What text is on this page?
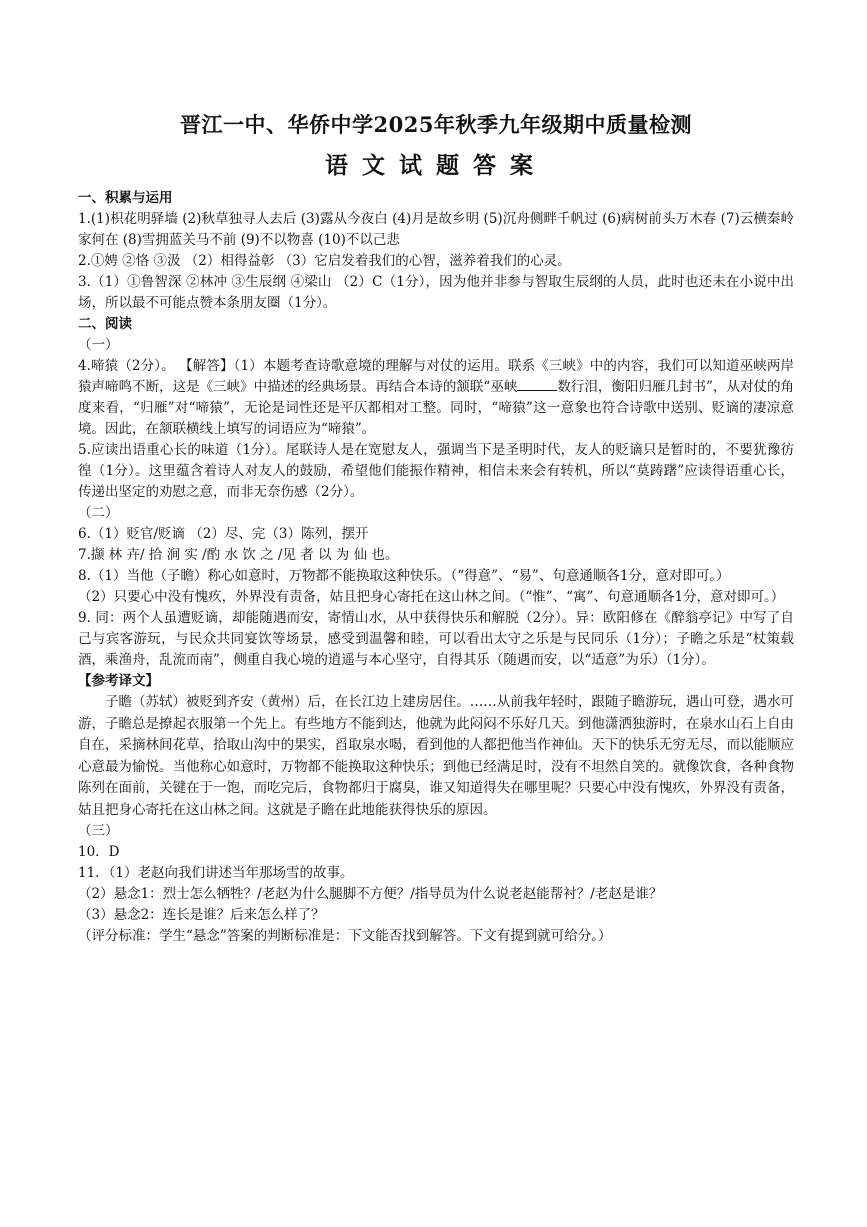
晋江一中、华侨中学2025年秋季九年级期中质量检测
语文试题答案

一、积累与运用

1.(1)枳花明驿墙 (2)秋草独寻人去后 (3)露从今夜白 (4)月是故乡明 (5)沉舟侧畔千帆过 (6)病树前头万木春 (7)云横秦岭家何在 (8)雪拥蓝关马不前 (9)不以物喜 (10)不以己悲

2.①娉 ②恪 ③汲 （2）相得益彰 （3）它启发着我们的心智，滋养着我们的心灵。

3.（1）①鲁智深 ②林冲 ③生辰纲 ④梁山 （2）C（1分），因为他并非参与智取生辰纲的人员，此时也还未在小说中出场，所以最不可能点赞本条朋友圈（1分）。

二、阅读

（一）

4.啼猿（2分）。 【解答】（1）本题考查诗歌意境的理解与对仗的运用。联系《三峡》中的内容，我们可以知道巫峡两岸猿声啼鸣不断，这是《三峡》中描述的经典场景。再结合本诗的颔联“巫峡	数行泪，衡阳归雁几封书”，从对仗的角度来看，“归雁”对“啼猿”，无论是词性还是平仄都相对工整。同时，“啼猿”这一意象也符合诗歌中送别、贬谪的凄凉意境。因此，在颔联横线上填写的词语应为“啼猿”。

5.应读出语重心长的味道（1分）。尾联诗人是在宽慰友人，强调当下是圣明时代，友人的贬谪只是暂时的，不要犹豫彷徨（1分）。这里蕴含着诗人对友人的鼓励，希望他们能振作精神，相信未来会有转机，所以“莫踌躇”应读得语重心长，传递出坚定的劝慰之意，而非无奈伤感（2分）。

（二）

6.（1）贬官/贬谪 （2）尽、完（3）陈列，摆开

7.撷 林 卉/ 拾 涧 实 /酌 水 饮 之 /见 者 以 为 仙 也。

8.（1）当他（子瞻）称心如意时，万物都不能换取这种快乐。（“得意”、“易”、句意通顺各1分，意对即可。）

（2）只要心中没有愧疚，外界没有责备，姑且把身心寄托在这山林之间。（“惟”、“寓”、句意通顺各1分，意对即可。）

9. 同：两个人虽遭贬谪，却能随遇而安，寄情山水，从中获得快乐和解脱（2分）。异：欧阳修在《醉翁亭记》中写了自己与宾客游玩，与民众共同宴饮等场景，感受到温馨和睦，可以看出太守之乐是与民同乐（1分）；子瞻之乐是“杖策载酒，乘渔舟，乱流而南”，侧重自我心境的逍遥与本心坚守，自得其乐（随遇而安，以“适意”为乐）（1分）。

【参考译文】

子瞻（苏轼）被贬到齐安（黄州）后，在长江边上建房居住。……从前我年轻时，跟随子瞻游玩，遇山可登，遇水可游，子瞻总是撩起衣服第一个先上。有些地方不能到达，他就为此闷闷不乐好几天。到他潇洒独游时，在泉水山石上自由自在，采摘林间花草，拾取山沟中的果实，舀取泉水喝，看到他的人都把他当作神仙。天下的快乐无穷无尽，而以能顺应心意最为愉悦。当他称心如意时，万物都不能换取这种快乐；到他已经满足时，没有不坦然自笑的。就像饮食，各种食物陈列在面前，关键在于一饱，而吃完后，食物都归于腐臭，谁又知道得失在哪里呢？只要心中没有愧疚，外界没有责备，姑且把身心寄托在这山林之间。这就是子瞻在此地能获得快乐的原因。

（三）

10．D

11．（1）老赵向我们讲述当年那场雪的故事。

（2）悬念1：烈士怎么牺牲？/老赵为什么腿脚不方便？/指导员为什么说老赵能帮衬？/老赵是谁？

（3）悬念2：连长是谁？后来怎么样了？

（评分标准：学生“悬念”答案的判断标准是：下文能否找到解答。下文有提到就可给分。）
